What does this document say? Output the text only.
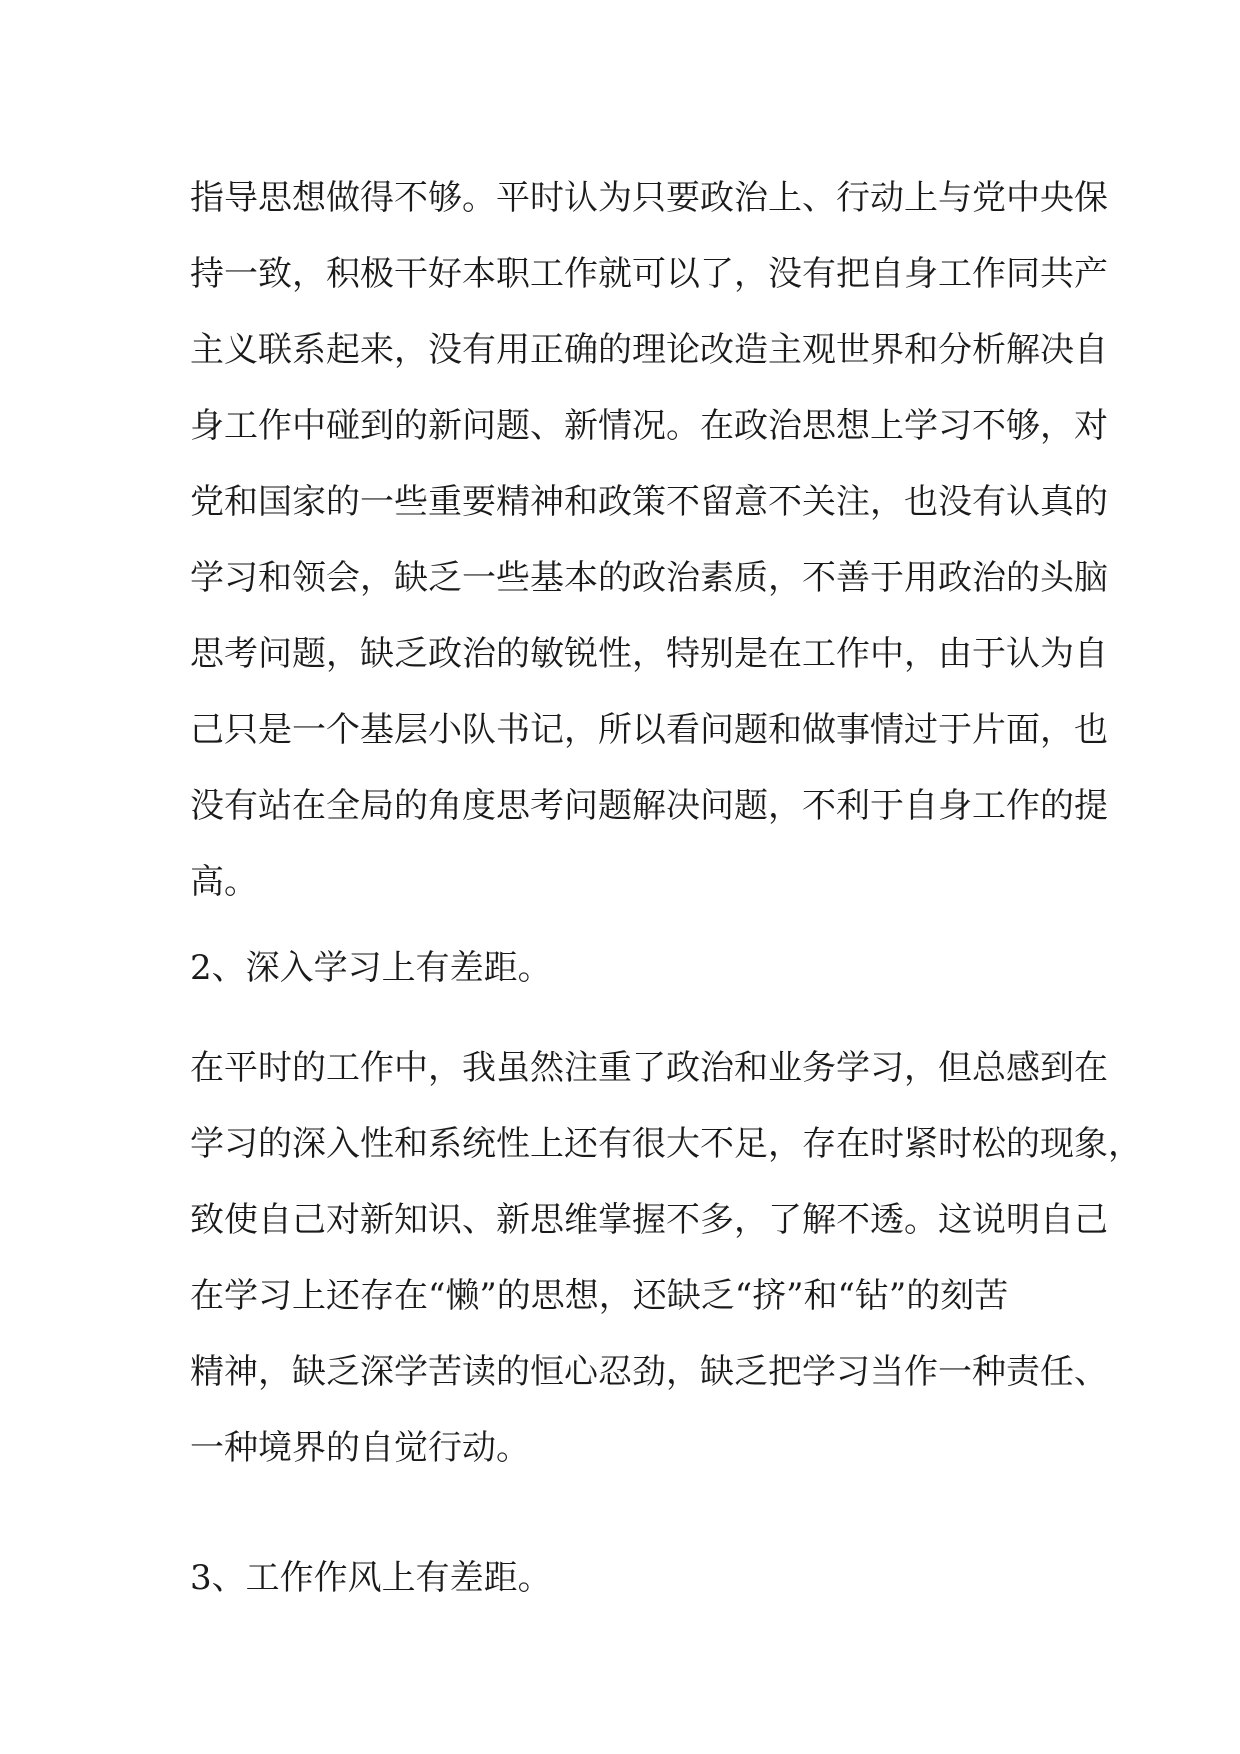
指导思想做得不够。平时认为只要政治上、行动上与党中央保
持一致，积极干好本职工作就可以了，没有把自身工作同共产
主义联系起来，没有用正确的理论改造主观世界和分析解决自
身工作中碰到的新问题、新情况。在政治思想上学习不够，对
党和国家的一些重要精神和政策不留意不关注，也没有认真的
学习和领会，缺乏一些基本的政治素质，不善于用政治的头脑
思考问题，缺乏政治的敏锐性，特别是在工作中，由于认为自
己只是一个基层小队书记，所以看问题和做事情过于片面，也
没有站在全局的角度思考问题解决问题，不利于自身工作的提
高。

2、深入学习上有差距。

在平时的工作中，我虽然注重了政治和业务学习，但总感到在
学习的深入性和系统性上还有很大不足，存在时紧时松的现象，
致使自己对新知识、新思维掌握不多，了解不透。这说明自己
在学习上还存在“懒”的思想，还缺乏“挤”和“钻”的刻苦
精神，缺乏深学苦读的恒心忍劲，缺乏把学习当作一种责任、
一种境界的自觉行动。

3、工作作风上有差距。
